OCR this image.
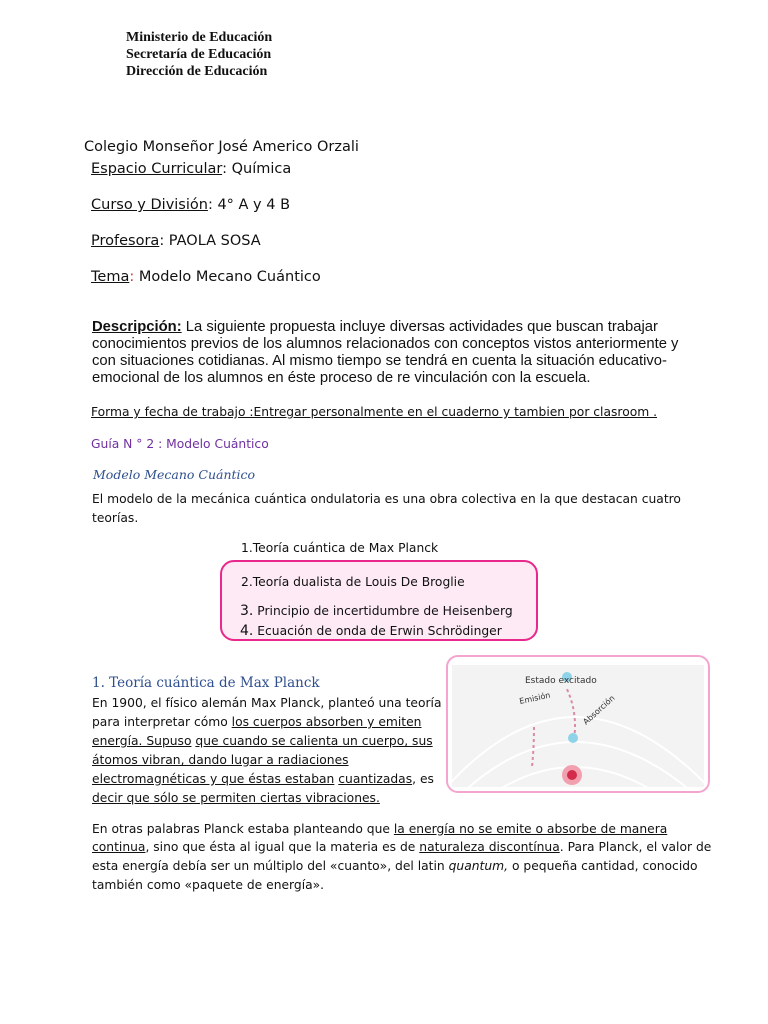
Ministerio de Educación
Secretaría de Educación
Dirección de Educación
Colegio Monseñor José Americo Orzali
Espacio Curricular: Química
Curso y División: 4° A y 4 B
Profesora: PAOLA SOSA
Tema: Modelo Mecano Cuántico
Descripción: La siguiente propuesta incluye diversas actividades que buscan trabajar conocimientos previos de los alumnos relacionados con conceptos vistos anteriormente y con situaciones cotidianas. Al mismo tiempo se tendrá en cuenta la situación educativo-emocional de los alumnos en éste proceso de re vinculación con la escuela.
Forma y fecha de trabajo :Entregar personalmente en el cuaderno y tambien por clasroom .
Guía N ° 2 : Modelo Cuántico
Modelo Mecano Cuántico
El modelo de la mecánica cuántica ondulatoria es una obra colectiva en la que destacan cuatro
teorías.
1.Teoría cuántica de Max Planck
2.Teoría dualista de Louis De Broglie
3. Principio de incertidumbre de Heisenberg
4. Ecuación de onda de Erwin Schrödinger
1. Teoría cuántica de Max Planck
En 1900, el físico alemán Max Planck, planteó una teoría
para interpretar cómo los cuerpos absorben y emiten
energía. Supuso que cuando se calienta un cuerpo, sus
átomos vibran, dando lugar a radiaciones
electromagnéticas y que éstas estaban cuantizadas, es
decir que sólo se permiten ciertas vibraciones.
Estado excitado
Emisión	Absorción
En otras palabras Planck estaba planteando que la energía no se emite o absorbe de manera
continua, sino que ésta al igual que la materia es de naturaleza discontínua. Para Planck, el valor de
esta energía debía ser un múltiplo del «cuanto», del latin quantum, o pequeña cantidad, conocido
también como «paquete de energía».
